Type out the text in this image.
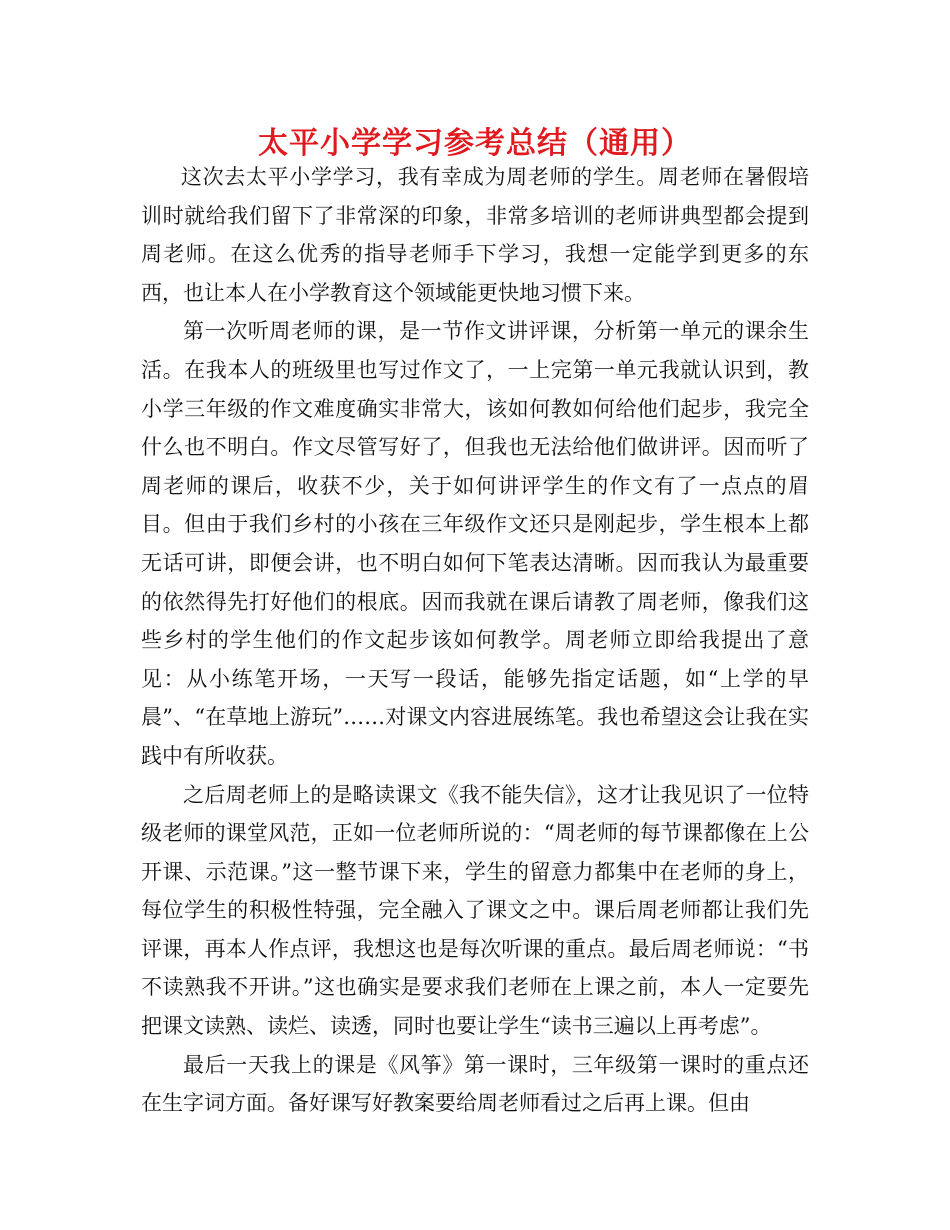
太平小学学习参考总结（通用）

这次去太平小学学习，我有幸成为周老师的学生。周老师在暑假培训时就给我们留下了非常深的印象，非常多培训的老师讲典型都会提到周老师。在这么优秀的指导老师手下学习，我想一定能学到更多的东西，也让本人在小学教育这个领域能更快地习惯下来。

第一次听周老师的课，是一节作文讲评课，分析第一单元的课余生活。在我本人的班级里也写过作文了，一上完第一单元我就认识到，教小学三年级的作文难度确实非常大，该如何教如何给他们起步，我完全什么也不明白。作文尽管写好了，但我也无法给他们做讲评。因而听了周老师的课后，收获不少，关于如何讲评学生的作文有了一点点的眉目。但由于我们乡村的小孩在三年级作文还只是刚起步，学生根本上都无话可讲，即便会讲，也不明白如何下笔表达清晰。因而我认为最重要的依然得先打好他们的根底。因而我就在课后请教了周老师，像我们这些乡村的学生他们的作文起步该如何教学。周老师立即给我提出了意见：从小练笔开场，一天写一段话，能够先指定话题，如“上学的早晨”、“在草地上游玩”……对课文内容进展练笔。我也希望这会让我在实践中有所收获。

之后周老师上的是略读课文《我不能失信》，这才让我见识了一位特级老师的课堂风范，正如一位老师所说的：“周老师的每节课都像在上公开课、示范课。”这一整节课下来，学生的留意力都集中在老师的身上，每位学生的积极性特强，完全融入了课文之中。课后周老师都让我们先评课，再本人作点评，我想这也是每次听课的重点。最后周老师说：“书不读熟我不开讲。”这也确实是要求我们老师在上课之前，本人一定要先把课文读熟、读烂、读透，同时也要让学生“读书三遍以上再考虑”。

最后一天我上的课是《风筝》第一课时，三年级第一课时的重点还在生字词方面。备好课写好教案要给周老师看过之后再上课。但由
